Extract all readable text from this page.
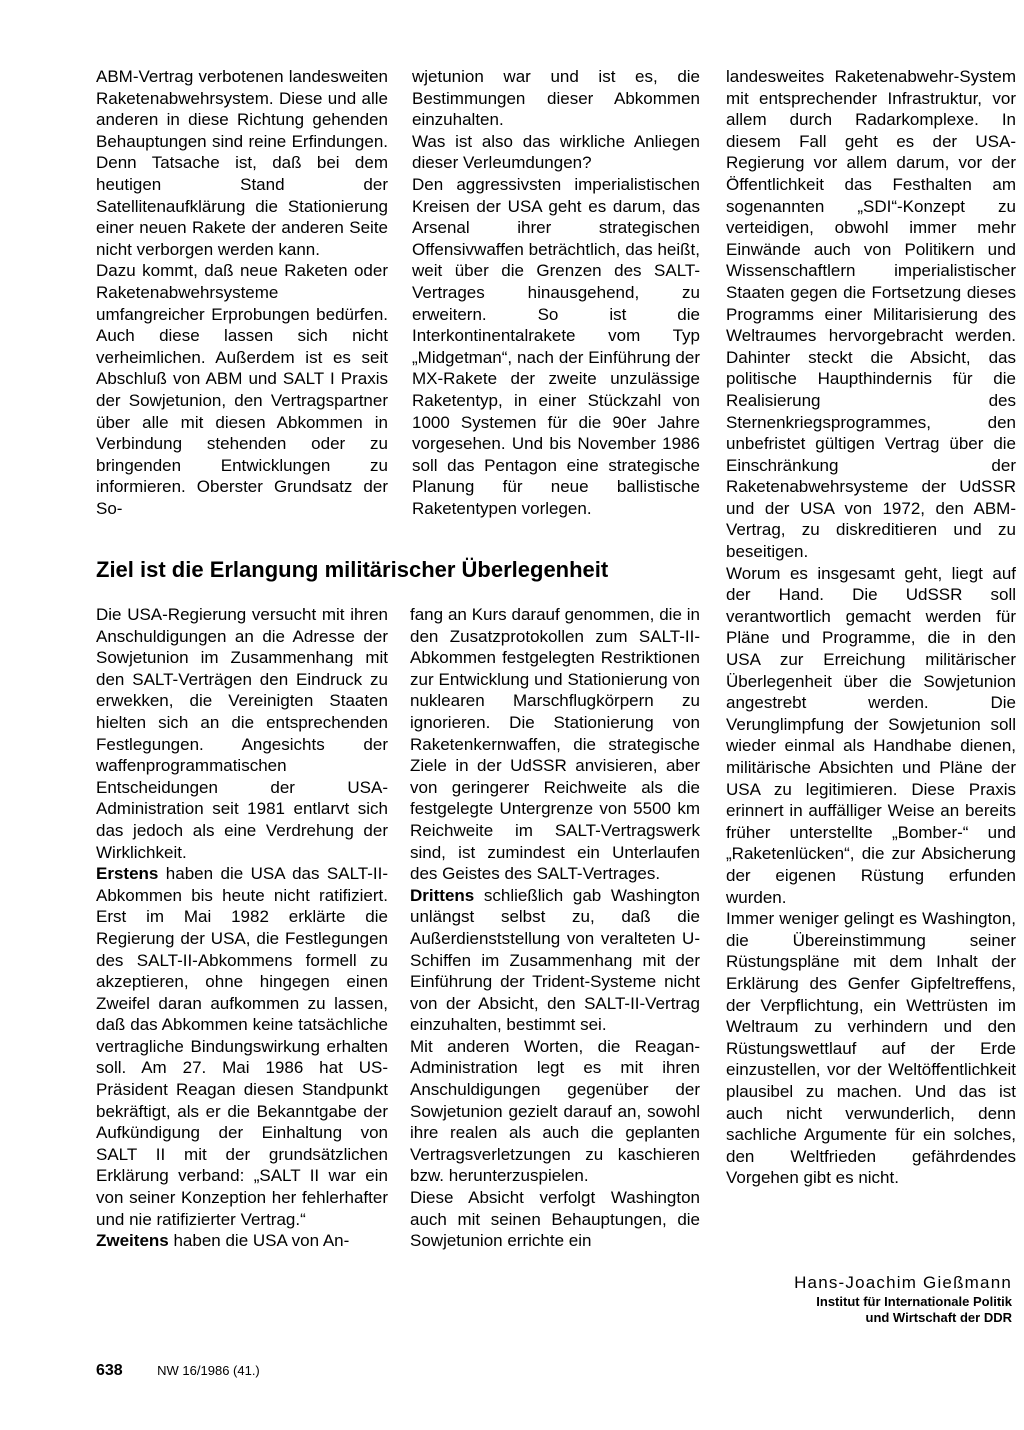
ABM-Vertrag verbotenen landesweiten Raketenabwehrsystem. Diese und alle anderen in diese Richtung gehenden Behauptungen sind reine Erfindungen. Denn Tatsache ist, daß bei dem heutigen Stand der Satellitenaufklärung die Stationierung einer neuen Rakete der anderen Seite nicht verborgen werden kann.
Dazu kommt, daß neue Raketen oder Raketenabwehrsysteme umfangreicher Erprobungen bedürfen. Auch diese lassen sich nicht verheimlichen. Außerdem ist es seit Abschluß von ABM und SALT I Praxis der Sowjetunion, den Vertragspartner über alle mit diesen Abkommen in Verbindung stehenden oder zu bringenden Entwicklungen zu informieren. Oberster Grundsatz der So-

wjetunion war und ist es, die Bestimmungen dieser Abkommen einzuhalten.
Was ist also das wirkliche Anliegen dieser Verleumdungen?
Den aggressivsten imperialistischen Kreisen der USA geht es darum, das Arsenal ihrer strategischen Offensivwaffen beträchtlich, das heißt, weit über die Grenzen des SALT-Vertrages hinausgehend, zu erweitern. So ist die Interkontinentalrakete vom Typ „Midgetman“, nach der Einführung der MX-Rakete der zweite unzulässige Raketentyp, in einer Stückzahl von 1000 Systemen für die 90er Jahre vorgesehen. Und bis November 1986 soll das Pentagon eine strategische Planung für neue ballistische Raketentypen vorlegen.

landesweites Raketenabwehr-System mit entsprechender Infrastruktur, vor allem durch Radarkomplexe. In diesem Fall geht es der USA-Regierung vor allem darum, vor der Öffentlichkeit das Festhalten am sogenannten „SDI“-Konzept zu verteidigen, obwohl immer mehr Einwände auch von Politikern und Wissenschaftlern imperialistischer Staaten gegen die Fortsetzung dieses Programms einer Militarisierung des Weltraumes hervorgebracht werden. Dahinter steckt die Absicht, das politische Haupthindernis für die Realisierung des Sternenkriegsprogrammes, den unbefristet gültigen Vertrag über die Einschränkung der Raketenabwehrsysteme der UdSSR und der USA von 1972, den ABM-Vertrag, zu diskreditieren und zu beseitigen.
Worum es insgesamt geht, liegt auf der Hand. Die UdSSR soll verantwortlich gemacht werden für Pläne und Programme, die in den USA zur Erreichung militärischer Überlegenheit über die Sowjetunion angestrebt werden. Die Verunglimpfung der Sowjetunion soll wieder einmal als Handhabe dienen, militärische Absichten und Pläne der USA zu legitimieren. Diese Praxis erinnert in auffälliger Weise an bereits früher unterstellte „Bomber-“ und „Raketenlücken“, die zur Absicherung der eigenen Rüstung erfunden wurden.
Immer weniger gelingt es Washington, die Übereinstimmung seiner Rüstungspläne mit dem Inhalt der Erklärung des Genfer Gipfeltreffens, der Verpflichtung, ein Wettrüsten im Weltraum zu verhindern und den Rüstungswettlauf auf der Erde einzustellen, vor der Weltöffentlichkeit plausibel zu machen. Und das ist auch nicht verwunderlich, denn sachliche Argumente für ein solches, den Weltfrieden gefährdendes Vorgehen gibt es nicht.

Ziel ist die Erlangung militärischer Überlegenheit

Die USA-Regierung versucht mit ihren Anschuldigungen an die Adresse der Sowjetunion im Zusammenhang mit den SALT-Verträgen den Eindruck zu erwekken, die Vereinigten Staaten hielten sich an die entsprechenden Festlegungen. Angesichts der waffenprogrammatischen Entscheidungen der USA-Administration seit 1981 entlarvt sich das jedoch als eine Verdrehung der Wirklichkeit.

Erstens haben die USA das SALT-II-Abkommen bis heute nicht ratifiziert. Erst im Mai 1982 erklärte die Regierung der USA, die Festlegungen des SALT-II-Abkommens formell zu akzeptieren, ohne hingegen einen Zweifel daran aufkommen zu lassen, daß das Abkommen keine tatsächliche vertragliche Bindungswirkung erhalten soll. Am 27. Mai 1986 hat US-Präsident Reagan diesen Standpunkt bekräftigt, als er die Bekanntgabe der Aufkündigung der Einhaltung von SALT II mit der grundsätzlichen Erklärung verband: „SALT II war ein von seiner Konzeption her fehlerhafter und nie ratifizierter Vertrag.“

Zweitens haben die USA von An-

fang an Kurs darauf genommen, die in den Zusatzprotokollen zum SALT-II-Abkommen festgelegten Restriktionen zur Entwicklung und Stationierung von nuklearen Marschflugkörpern zu ignorieren. Die Stationierung von Raketenkernwaffen, die strategische Ziele in der UdSSR anvisieren, aber von geringerer Reichweite als die festgelegte Untergrenze von 5500 km Reichweite im SALT-Vertragswerk sind, ist zumindest ein Unterlaufen des Geistes des SALT-Vertrages.

Drittens schließlich gab Washington unlängst selbst zu, daß die Außerdienststellung von veralteten U-Schiffen im Zusammenhang mit der Einführung der Trident-Systeme nicht von der Absicht, den SALT-II-Vertrag einzuhalten, bestimmt sei.
Mit anderen Worten, die Reagan-Administration legt es mit ihren Anschuldigungen gegenüber der Sowjetunion gezielt darauf an, sowohl ihre realen als auch die geplanten Vertragsverletzungen zu kaschieren bzw. herunterzuspielen.
Diese Absicht verfolgt Washington auch mit seinen Behauptungen, die Sowjetunion errichte ein

Hans-Joachim Gießmann
Institut für Internationale Politik
und Wirtschaft der DDR
638	NW 16/1986 (41.)
